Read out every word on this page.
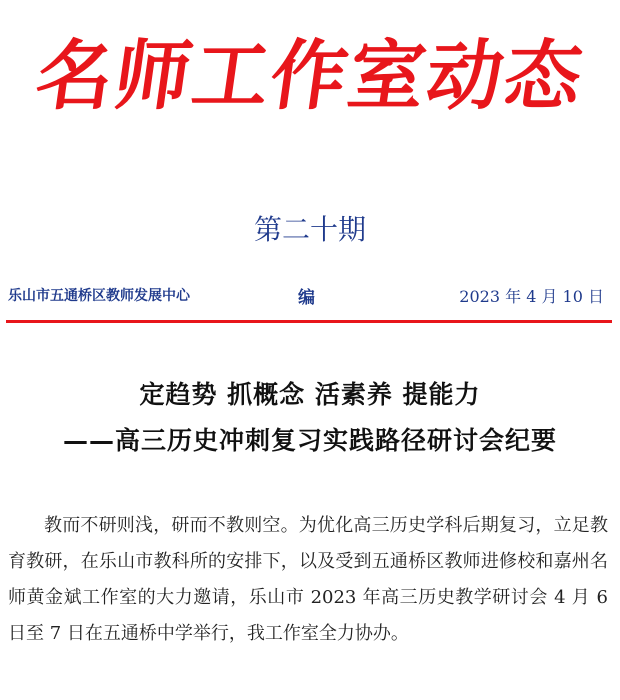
名师工作室动态
第二十期
乐山市五通桥区教师发展中心	编	2023 年 4 月 10 日
定趋势 抓概念 活素养 提能力
——高三历史冲刺复习实践路径研讨会纪要

教而不研则浅，研而不教则空。为优化高三历史学科后期复习，立足教育教研，在乐山市教科所的安排下，以及受到五通桥区教师进修校和嘉州名师黄金斌工作室的大力邀请，乐山市 2023 年高三历史教学研讨会 4 月 6 日至 7 日在五通桥中学举行，我工作室全力协办。
